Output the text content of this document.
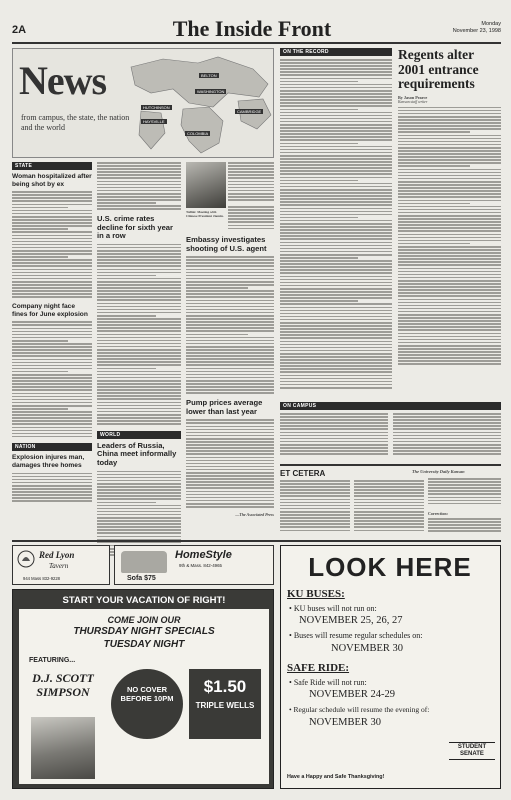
2A	The Inside Front	Monday
November 23, 1998
News
from campus, the state, the nation and the world
BELTON
WASHINGTON
COLOMBIA
HUTCHINSON
HAYSVILLE
CAMBRIDGE
STATE
Woman hospitalized after being shot by ex
Company night face fines for June explosion
NATION
Explosion injures man, damages three homes
U.S. crime rates decline for sixth year in a row
WORLD
Leaders of Russia, China meet informally today
Tolbin: Meeting with Chinese President Jiamin.
Embassy investigates shooting of U.S. agent
Pump prices average lower than last year
—The Associated Press
ON THE RECORD	Regents alter 2001 entrance requirements
By Jason Pearce
Kansan staff writer
ON CAMPUS
ET CETERA	The University Daily Kansan
Correction:
Red Lyon
Tavern
944 Mass 832-9228
HomeStyle
9th & Mass. 842-4965
Sofa $75
START YOUR VACATION OF RIGHT!
COME JOIN OUR
THURSDAY NIGHT SPECIALS
TUESDAY NIGHT
FEATURING...
D.J. SCOTT SIMPSON	NO COVER BEFORE 10PM
$1.50
TRIPLE WELLS
LOOK HERE
KU BUSES:
• KU buses will not run on:
NOVEMBER 25, 26, 27
• Buses will resume regular schedules on:
NOVEMBER 30
SAFE RIDE:
• Safe Ride will not run:
NOVEMBER 24-29
• Regular schedule will resume the evening of:
NOVEMBER 30
STUDENT SENATE
Have a Happy and Safe Thanksgiving!
